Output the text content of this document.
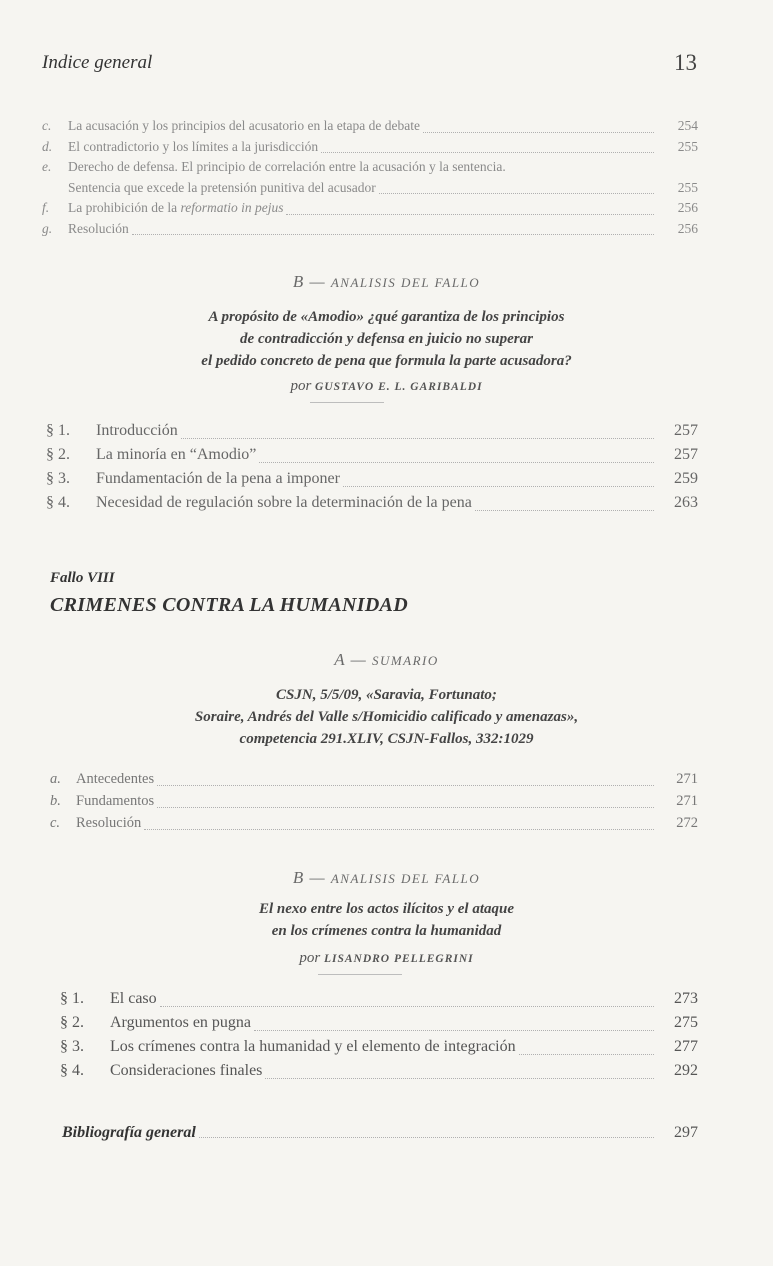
Indice general	13
c.	La acusación y los principios del acusatorio en la etapa de debate	254
d.	El contradictorio y los límites a la jurisdicción	255
e.	Derecho de defensa. El principio de correlación entre la acusación y la sentencia.
Sentencia que excede la pretensión punitiva del acusador	255
f.	La prohibición de la reformatio in pejus	256
g.	Resolución	256
B — ANALISIS DEL FALLO
A propósito de «Amodio» ¿qué garantiza de los principios
de contradicción y defensa en juicio no superar
el pedido concreto de pena que formula la parte acusadora?
por GUSTAVO E. L. GARIBALDI
§ 1.	Introducción	257
§ 2.	La minoría en “Amodio”	257
§ 3.	Fundamentación de la pena a imponer	259
§ 4.	Necesidad de regulación sobre la determinación de la pena	263
Fallo VIII
CRIMENES CONTRA LA HUMANIDAD
A — SUMARIO
CSJN, 5/5/09, «Saravia, Fortunato;
Soraire, Andrés del Valle s/Homicidio calificado y amenazas»,
competencia 291.XLIV, CSJN-Fallos, 332:1029
a.	Antecedentes	271
b.	Fundamentos	271
c.	Resolución	272
B — ANALISIS DEL FALLO
El nexo entre los actos ilícitos y el ataque
en los crímenes contra la humanidad
por LISANDRO PELLEGRINI
§ 1.	El caso	273
§ 2.	Argumentos en pugna	275
§ 3.	Los crímenes contra la humanidad y el elemento de integración	277
§ 4.	Consideraciones finales	292
Bibliografía general	297
